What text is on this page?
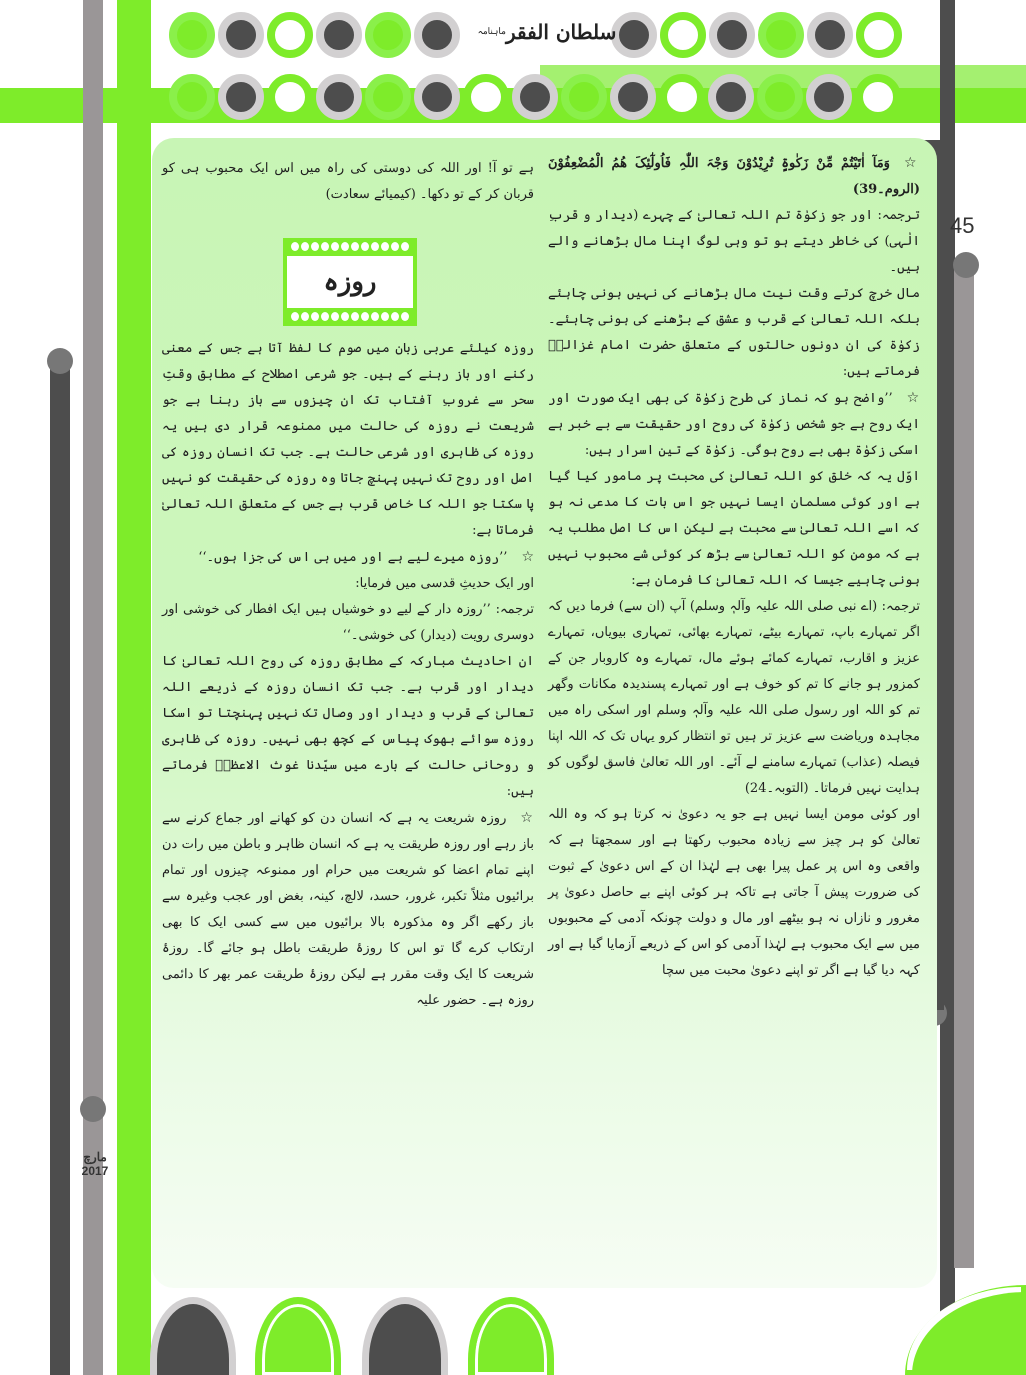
سلطان الفقر
ماہنامہ
45
مارچ
2017

☆وَمَآ اٰتَیْتُمْ مِّنْ زَکٰوۃٍ تُرِیْدُوْنَ وَجْہَ اللّٰہِ فَاُولٰٓئِکَ ھُمُ الْمُضْعِفُوْنَ (الروم۔39)

ترجمہ: اور جو زکوٰۃ تم اللہ تعالیٰ کے چہرے (دیدار و قربِ الٰہی) کی خاطر دیتے ہو تو وہی لوگ اپنا مال بڑھانے والے ہیں۔

مال خرچ کرتے وقت نیت مال بڑھانے کی نہیں ہونی چاہئے بلکہ اللہ تعالیٰ کے قرب و عشق کے بڑھنے کی ہونی چاہئے۔ زکوٰۃ کی ان دونوں حالتوں کے متعلق حضرت امام غزالیؒ فرماتے ہیں:

☆’’واضح ہو کہ نماز کی طرح زکوٰۃ کی بھی ایک صورت اور ایک روح ہے جو شخص زکوٰۃ کی روح اور حقیقت سے بے خبر ہے اسکی زکوٰۃ بھی بے روح ہوگی۔ زکوٰۃ کے تین اسرار ہیں:

اوّل یہ کہ خلق کو اللہ تعالیٰ کی محبت پر مامور کیا گیا ہے اور کوئی مسلمان ایسا نہیں جو اس بات کا مدعی نہ ہو کہ اسے اللہ تعالیٰ سے محبت ہے لیکن اس کا اصل مطلب یہ ہے کہ مومن کو اللہ تعالیٰ سے بڑھ کر کوئی شے محبوب نہیں ہونی چاہیے جیسا کہ اللہ تعالیٰ کا فرمان ہے:

ترجمہ: (اے نبی صلی اللہ علیہ وآلہٖ وسلم) آپ (ان سے) فرما دیں کہ اگر تمہارے باپ، تمہارے بیٹے، تمہارے بھائی، تمہاری بیویاں، تمہارے عزیز و اقارب، تمہارے کمائے ہوئے مال، تمہارے وہ کاروبار جن کے کمزور ہو جانے کا تم کو خوف ہے اور تمہارے پسندیدہ مکانات وگھر تم کو اللہ اور رسول صلی اللہ علیہ وآلہٖ وسلم اور اسکی راہ میں مجاہدہ وریاضت سے عزیز تر ہیں تو انتظار کرو یہاں تک کہ اللہ اپنا فیصلہ (عذاب) تمہارے سامنے لے آئے۔ اور اللہ تعالیٰ فاسق لوگوں کو ہدایت نہیں فرماتا۔ (التوبہ۔24)

اور کوئی مومن ایسا نہیں ہے جو یہ دعویٰ نہ کرتا ہو کہ وہ اللہ تعالیٰ کو ہر چیز سے زیادہ محبوب رکھتا ہے اور سمجھتا ہے کہ واقعی وہ اس پر عمل پیرا بھی ہے لہٰذا ان کے اس دعویٰ کے ثبوت کی ضرورت پیش آ جاتی ہے تاکہ ہر کوئی اپنے بے حاصل دعویٰ پر مغرور و نازاں نہ ہو بیٹھے اور مال و دولت چونکہ آدمی کے محبوبوں میں سے ایک محبوب ہے لہٰذا آدمی کو اس کے ذریعے آزمایا گیا ہے اور کہہ دیا گیا ہے اگر تو اپنے دعویٰ محبت میں سچا

ہے تو آ! اور اللہ کی دوستی کی راہ میں اس ایک محبوب ہی کو قربان کر کے تو دکھا۔ (کیمیائے سعادت)

روزہ کیلئے عربی زبان میں صوم کا لفظ آتا ہے جس کے معنی رکنے اور باز رہنے کے ہیں۔ جو شرعی اصطلاح کے مطابق وقتِ سحر سے غروبِ آفتاب تک ان چیزوں سے باز رہنا ہے جو شریعت نے روزہ کی حالت میں ممنوعہ قرار دی ہیں یہ روزہ کی ظاہری اور شرعی حالت ہے۔ جب تک انسان روزہ کی اصل اور روح تک نہیں پہنچ جاتا وہ روزہ کی حقیقت کو نہیں پا سکتا جو اللہ کا خاص قرب ہے جس کے متعلق اللہ تعالیٰ فرماتا ہے:

☆’’روزہ میرے لیے ہے اور میں ہی اس کی جزا ہوں۔‘‘

اور ایک حدیثِ قدسی میں فرمایا:

ترجمہ: ’’روزہ دار کے لیے دو خوشیاں ہیں ایک افطار کی خوشی اور دوسری رویت (دیدار) کی خوشی۔‘‘

ان احادیث مبارکہ کے مطابق روزہ کی روح اللہ تعالیٰ کا دیدار اور قرب ہے۔ جب تک انسان روزہ کے ذریعے اللہ تعالیٰ کے قرب و دیدار اور وصال تک نہیں پہنچتا تو اسکا روزہ سوائے بھوک پیاس کے کچھ بھی نہیں۔ روزہ کی ظاہری و روحانی حالت کے بارے میں سیّدنا غوث الاعظمؓ فرماتے ہیں:

☆روزہ شریعت یہ ہے کہ انسان دن کو کھانے اور جماع کرنے سے باز رہے اور روزہ طریقت یہ ہے کہ انسان ظاہر و باطن میں رات دن اپنے تمام اعضا کو شریعت میں حرام اور ممنوعہ چیزوں اور تمام برائیوں مثلاً تکبر، غرور، حسد، لالچ، کینہ، بغض اور عجب وغیرہ سے باز رکھے اگر وہ مذکورہ بالا برائیوں میں سے کسی ایک کا بھی ارتکاب کرے گا تو اس کا روزۂ طریقت باطل ہو جائے گا۔ روزۂ شریعت کا ایک وقت مقرر ہے لیکن روزۂ طریقت عمر بھر کا دائمی روزہ ہے۔ حضور علیہ

روزہ
